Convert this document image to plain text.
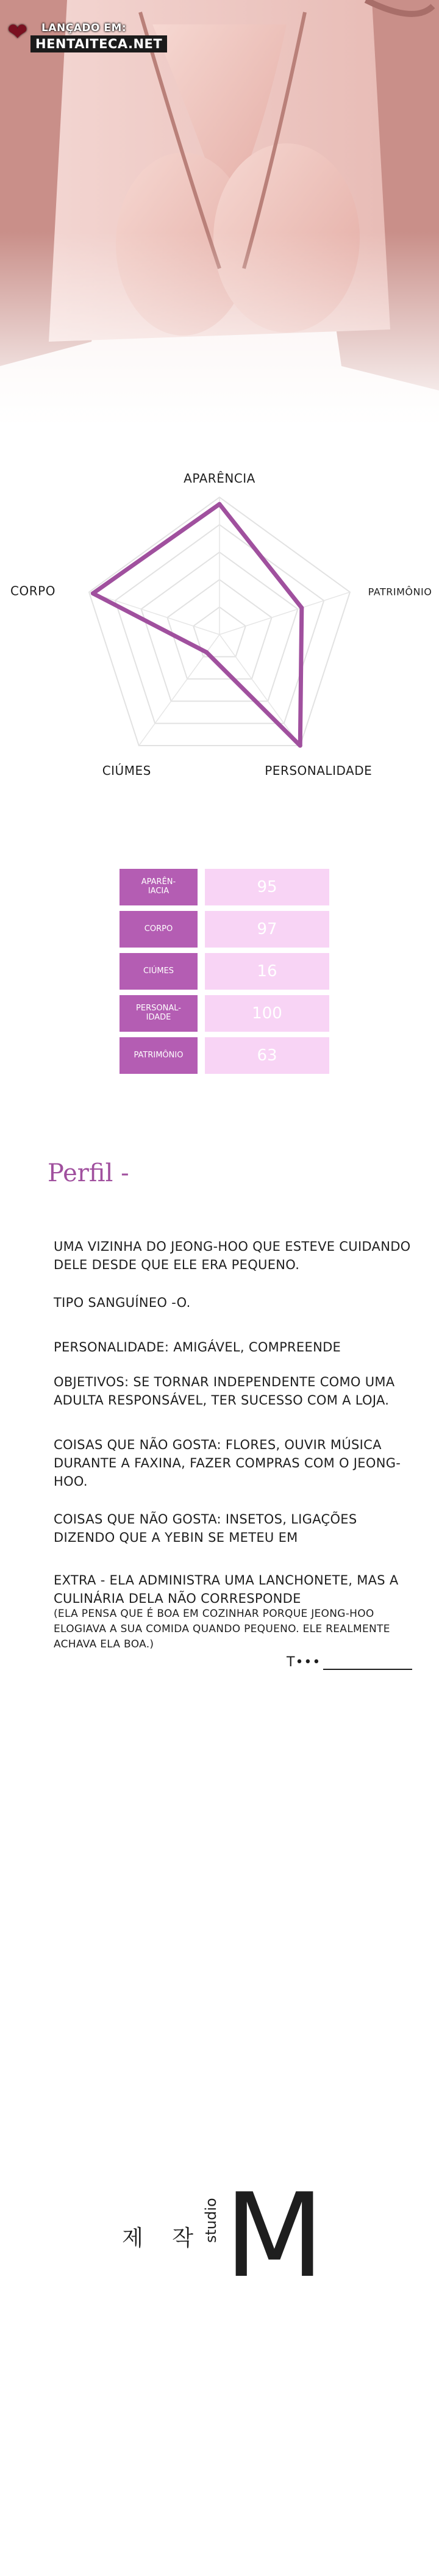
❤ LANÇADO EM:
HENTAITECA.NET
APARÊNCIA
PATRIMÔNIO
PERSONALIDADE
CIÚMES
CORPO
APARÊN-
IACIA	95
CORPO	97
CIÚMES	16
PERSONAL-
IDADE	100
PATRIMÔNIO	63
Perfil -
UMA VIZINHA DO JEONG-HOO QUE ESTEVE CUIDANDO DELE DESDE QUE ELE ERA PEQUENO.
TIPO SANGUÍNEO -O.
PERSONALIDADE: AMIGÁVEL, COMPREENDE
OBJETIVOS: SE TORNAR INDEPENDENTE COMO UMA ADULTA RESPONSÁVEL, TER SUCESSO COM A LOJA.
COISAS QUE NÃO GOSTA: FLORES, OUVIR MÚSICA DURANTE A FAXINA, FAZER COMPRAS COM O JEONG-HOO.
COISAS QUE NÃO GOSTA: INSETOS, LIGAÇÕES DIZENDO QUE A YEBIN SE METEU EM
EXTRA - ELA ADMINISTRA UMA LANCHONETE, MAS A CULINÁRIA DELA NÃO CORRESPONDE
(ELA PENSA QUE É BOA EM COZINHAR PORQUE JEONG-HOO ELOGIAVA A SUA COMIDA QUANDO PEQUENO. ELE REALMENTE ACHAVA ELA BOA.)
T•••
제 작
studio M
